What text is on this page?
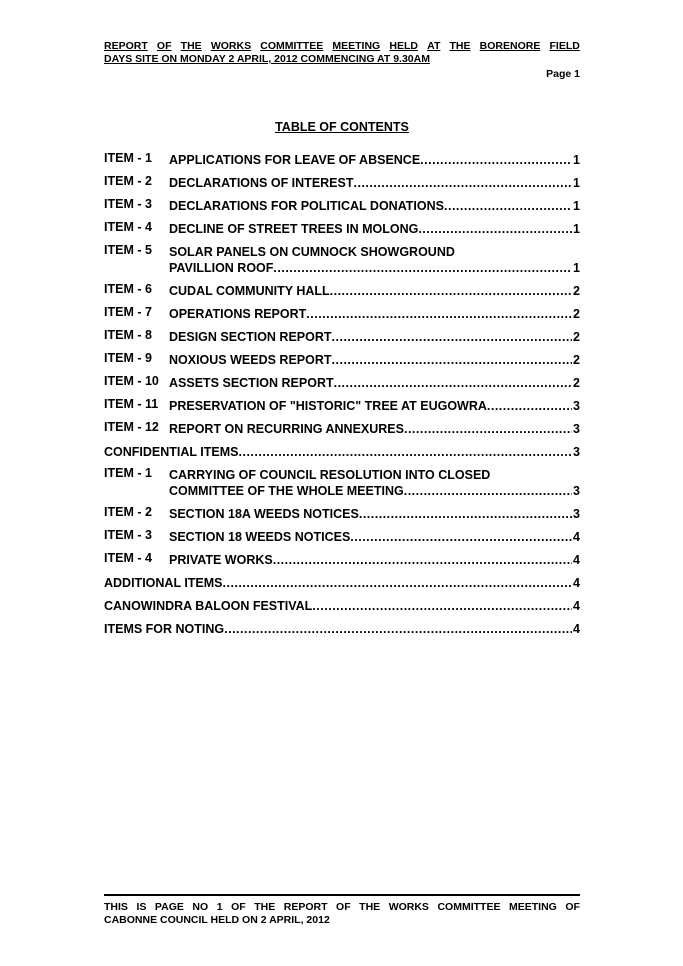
REPORT OF THE WORKS COMMITTEE MEETING HELD AT THE BORENORE FIELD
DAYS SITE ON MONDAY 2 APRIL, 2012 COMMENCING AT 9.30AM
Page 1
TABLE OF CONTENTS
ITEM - 1	APPLICATIONS FOR LEAVE OF ABSENCE .....	1
ITEM - 2	DECLARATIONS OF INTEREST .....	1
ITEM - 3	DECLARATIONS FOR POLITICAL DONATIONS .....	1
ITEM - 4	DECLINE OF STREET TREES IN MOLONG .....	1
ITEM - 5	SOLAR PANELS ON CUMNOCK SHOWGROUND
PAVILLION ROOF .....	1
ITEM - 6	CUDAL COMMUNITY HALL .....	2
ITEM - 7	OPERATIONS REPORT .....	2
ITEM - 8	DESIGN SECTION REPORT .....	2
ITEM - 9	NOXIOUS WEEDS REPORT .....	2
ITEM - 10 ASSETS SECTION REPORT .....	2
ITEM - 11 PRESERVATION OF "HISTORIC" TREE AT EUGOWRA .....	3
ITEM - 12 REPORT ON RECURRING ANNEXURES .....	3
CONFIDENTIAL ITEMS .....	3
ITEM - 1	CARRYING OF COUNCIL RESOLUTION INTO CLOSED
COMMITTEE OF THE WHOLE MEETING .....	3
ITEM - 2	SECTION 18A WEEDS NOTICES .....	3
ITEM - 3	SECTION 18 WEEDS NOTICES .....	4
ITEM - 4	PRIVATE WORKS .....	4
ADDITIONAL ITEMS .....	4
CANOWINDRA BALOON FESTIVAL .....	4
ITEMS FOR NOTING .....	4
THIS IS PAGE NO 1 OF THE REPORT OF THE WORKS COMMITTEE MEETING OF
CABONNE COUNCIL HELD ON 2 APRIL, 2012
